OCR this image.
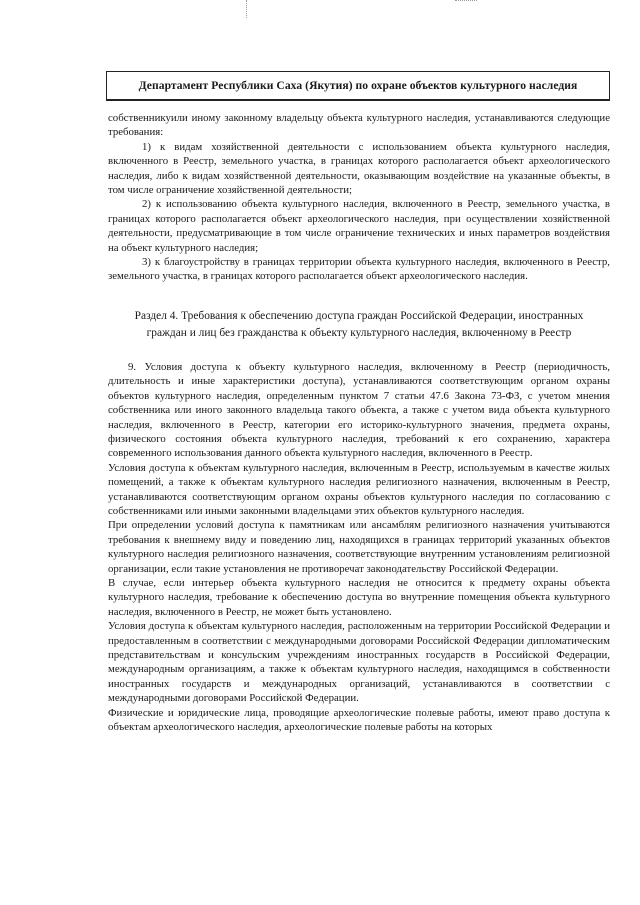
Департамент Республики Саха (Якутия) по охране объектов культурного наследия

собственникуили иному законному владельцу объекта культурного наследия, устанавливаются следующие требования:

1) к видам хозяйственной деятельности с использованием объекта культурного наследия, включенного в Реестр, земельного участка, в границах которого располагается объект археологического наследия, либо к видам хозяйственной деятельности, оказывающим воздействие на указанные объекты, в том числе ограничение хозяйственной деятельности;

2) к использованию объекта культурного наследия, включенного в Реестр, земельного участка, в границах которого располагается объект археологического наследия, при осуществлении хозяйственной деятельности, предусматривающие в том числе ограничение технических и иных параметров воздействия на объект культурного наследия;

3) к благоустройству в границах территории объекта культурного наследия, включенного в Реестр, земельного участка, в границах которого располагается объект археологического наследия.

Раздел 4. Требования к обеспечению доступа граждан Российской Федерации, иностранных граждан и лиц без гражданства к объекту культурного наследия, включенному в Реестр

9. Условия доступа к объекту культурного наследия, включенному в Реестр (периодичность, длительность и иные характеристики доступа), устанавливаются соответствующим органом охраны объектов культурного наследия, определенным пунктом 7 статьи 47.6 Закона 73-ФЗ, с учетом мнения собственника или иного законного владельца такого объекта, а также с учетом вида объекта культурного наследия, включенного в Реестр, категории его историко-культурного значения, предмета охраны, физического состояния объекта культурного наследия, требований к его сохранению, характера современного использования данного объекта культурного наследия, включенного в Реестр.

Условия доступа к объектам культурного наследия, включенным в Реестр, используемым в качестве жилых помещений, а также к объектам культурного наследия религиозного назначения, включенным в Реестр, устанавливаются соответствующим органом охраны объектов культурного наследия по согласованию с собственниками или иными законными владельцами этих объектов культурного наследия.

При определении условий доступа к памятникам или ансамблям религиозного назначения учитываются требования к внешнему виду и поведению лиц, находящихся в границах территорий указанных объектов культурного наследия религиозного назначения, соответствующие внутренним установлениям религиозной организации, если такие установления не противоречат законодательству Российской Федерации.

В случае, если интерьер объекта культурного наследия не относится к предмету охраны объекта культурного наследия, требование к обеспечению доступа во внутренние помещения объекта культурного наследия, включенного в Реестр, не может быть установлено.

Условия доступа к объектам культурного наследия, расположенным на территории Российской Федерации и предоставленным в соответствии с международными договорами Российской Федерации дипломатическим представительствам и консульским учреждениям иностранных государств в Российской Федерации, международным организациям, а также к объектам культурного наследия, находящимся в собственности иностранных государств и международных организаций, устанавливаются в соответствии с международными договорами Российской Федерации.

Физические и юридические лица, проводящие археологические полевые работы, имеют право доступа к объектам археологического наследия, археологические полевые работы на которых
